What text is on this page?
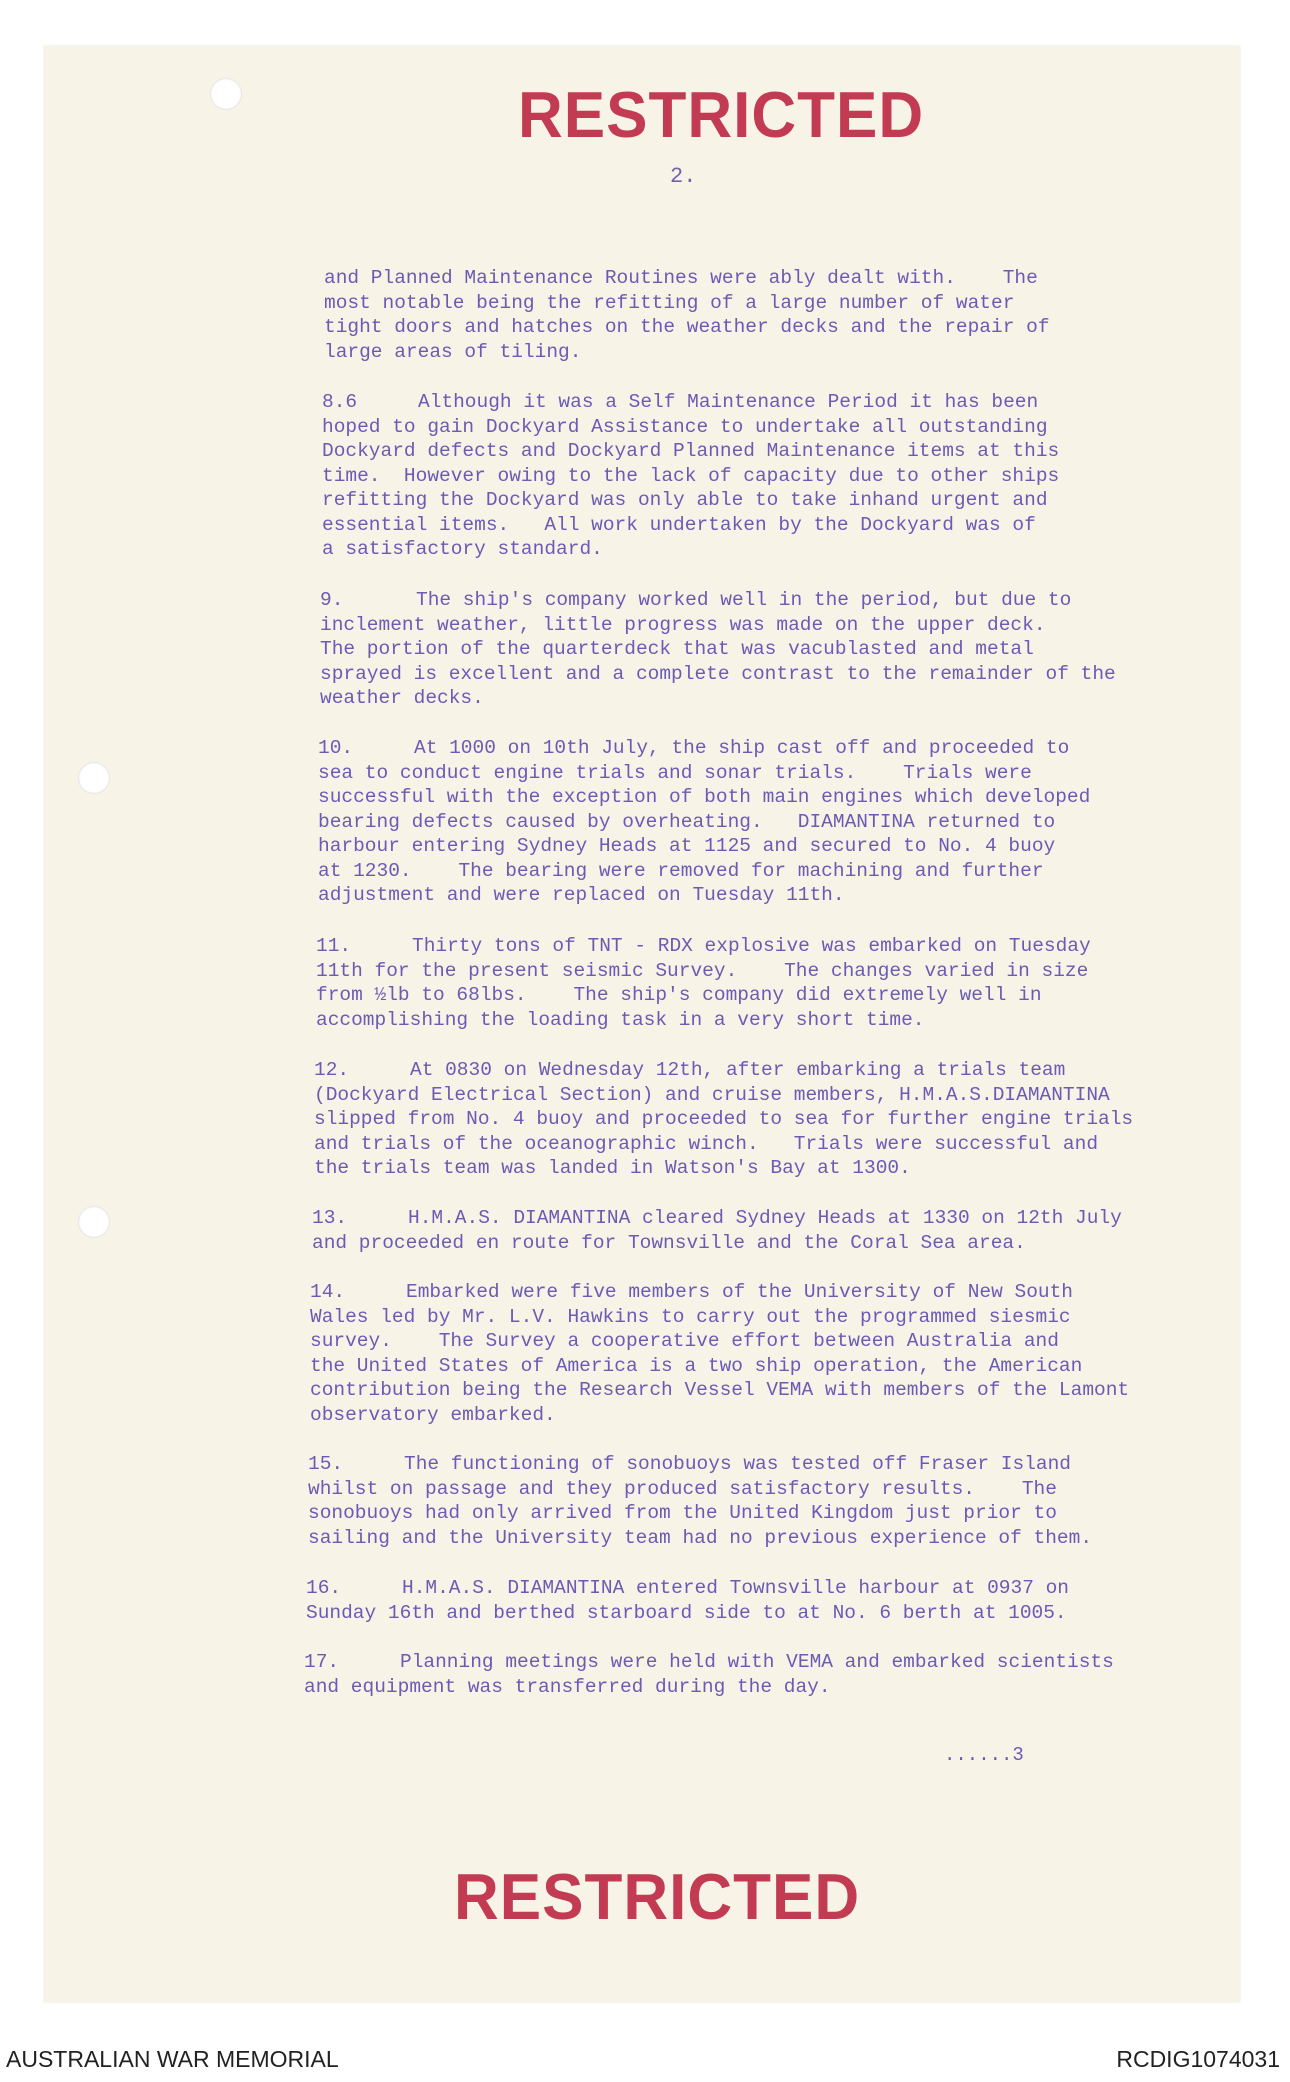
RESTRICTED
2.

and Planned Maintenance Routines were ably dealt with.    The
most notable being the refitting of a large number of water
tight doors and hatches on the weather decks and the repair of
large areas of tiling.

8.6	Although it was a Self Maintenance Period it has been
hoped to gain Dockyard Assistance to undertake all outstanding
Dockyard defects and Dockyard Planned Maintenance items at this
time.  However owing to the lack of capacity due to other ships
refitting the Dockyard was only able to take inhand urgent and
essential items.   All work undertaken by the Dockyard was of
a satisfactory standard.

9.	The ship's company worked well in the period, but due to
inclement weather, little progress was made on the upper deck.
The portion of the quarterdeck that was vacublasted and metal
sprayed is excellent and a complete contrast to the remainder of the
weather decks.

10.	At 1000 on 10th July, the ship cast off and proceeded to
sea to conduct engine trials and sonar trials.    Trials were
successful with the exception of both main engines which developed
bearing defects caused by overheating.   DIAMANTINA returned to
harbour entering Sydney Heads at 1125 and secured to No. 4 buoy
at 1230.    The bearing were removed for machining and further
adjustment and were replaced on Tuesday 11th.

11.	Thirty tons of TNT - RDX explosive was embarked on Tuesday
11th for the present seismic Survey.    The changes varied in size
from ½lb to 68lbs.    The ship's company did extremely well in
accomplishing the loading task in a very short time.

12.	At 0830 on Wednesday 12th, after embarking a trials team
(Dockyard Electrical Section) and cruise members, H.M.A.S.DIAMANTINA
slipped from No. 4 buoy and proceeded to sea for further engine trials
and trials of the oceanographic winch.   Trials were successful and
the trials team was landed in Watson's Bay at 1300.

13.	H.M.A.S. DIAMANTINA cleared Sydney Heads at 1330 on 12th July
and proceeded en route for Townsville and the Coral Sea area.

14.	Embarked were five members of the University of New South
Wales led by Mr. L.V. Hawkins to carry out the programmed siesmic
survey.    The Survey a cooperative effort between Australia and
the United States of America is a two ship operation, the American
contribution being the Research Vessel VEMA with members of the Lamont
observatory embarked.

15.	The functioning of sonobuoys was tested off Fraser Island
whilst on passage and they produced satisfactory results.    The
sonobuoys had only arrived from the United Kingdom just prior to
sailing and the University team had no previous experience of them.

16.	H.M.A.S. DIAMANTINA entered Townsville harbour at 0937 on
Sunday 16th and berthed starboard side to at No. 6 berth at 1005.

17.	Planning meetings were held with VEMA and embarked scientists
and equipment was transferred during the day.

......3
RESTRICTED
AUSTRALIAN WAR MEMORIAL	RCDIG1074031
